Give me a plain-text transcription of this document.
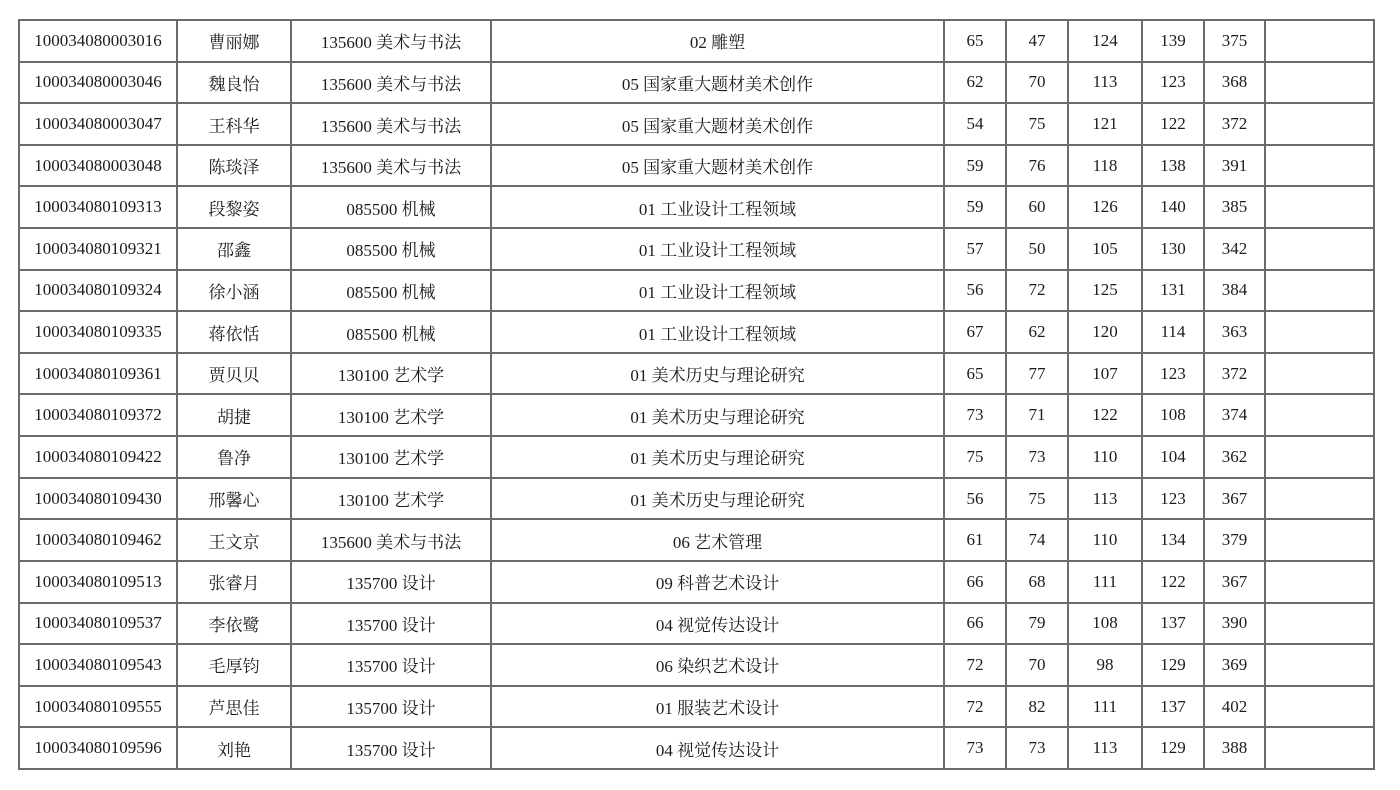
100034080003016	曹丽娜	135600 美术与书法	02 雕塑	65	47	124	139	375	
100034080003046	魏良怡	135600 美术与书法	05 国家重大题材美术创作	62	70	113	123	368	
100034080003047	王科华	135600 美术与书法	05 国家重大题材美术创作	54	75	121	122	372	
100034080003048	陈琰泽	135600 美术与书法	05 国家重大题材美术创作	59	76	118	138	391	
100034080109313	段黎姿	085500 机械	01 工业设计工程领域	59	60	126	140	385	
100034080109321	邵鑫	085500 机械	01 工业设计工程领域	57	50	105	130	342	
100034080109324	徐小涵	085500 机械	01 工业设计工程领域	56	72	125	131	384	
100034080109335	蒋依恬	085500 机械	01 工业设计工程领域	67	62	120	114	363	
100034080109361	贾贝贝	130100 艺术学	01 美术历史与理论研究	65	77	107	123	372	
100034080109372	胡捷	130100 艺术学	01 美术历史与理论研究	73	71	122	108	374	
100034080109422	鲁净	130100 艺术学	01 美术历史与理论研究	75	73	110	104	362	
100034080109430	邢馨心	130100 艺术学	01 美术历史与理论研究	56	75	113	123	367	
100034080109462	王文京	135600 美术与书法	06 艺术管理	61	74	110	134	379	
100034080109513	张睿月	135700 设计	09 科普艺术设计	66	68	111	122	367	
100034080109537	李依鹭	135700 设计	04 视觉传达设计	66	79	108	137	390	
100034080109543	毛厚钧	135700 设计	06 染织艺术设计	72	70	98	129	369	
100034080109555	芦思佳	135700 设计	01 服装艺术设计	72	82	111	137	402	
100034080109596	刘艳	135700 设计	04 视觉传达设计	73	73	113	129	388	
